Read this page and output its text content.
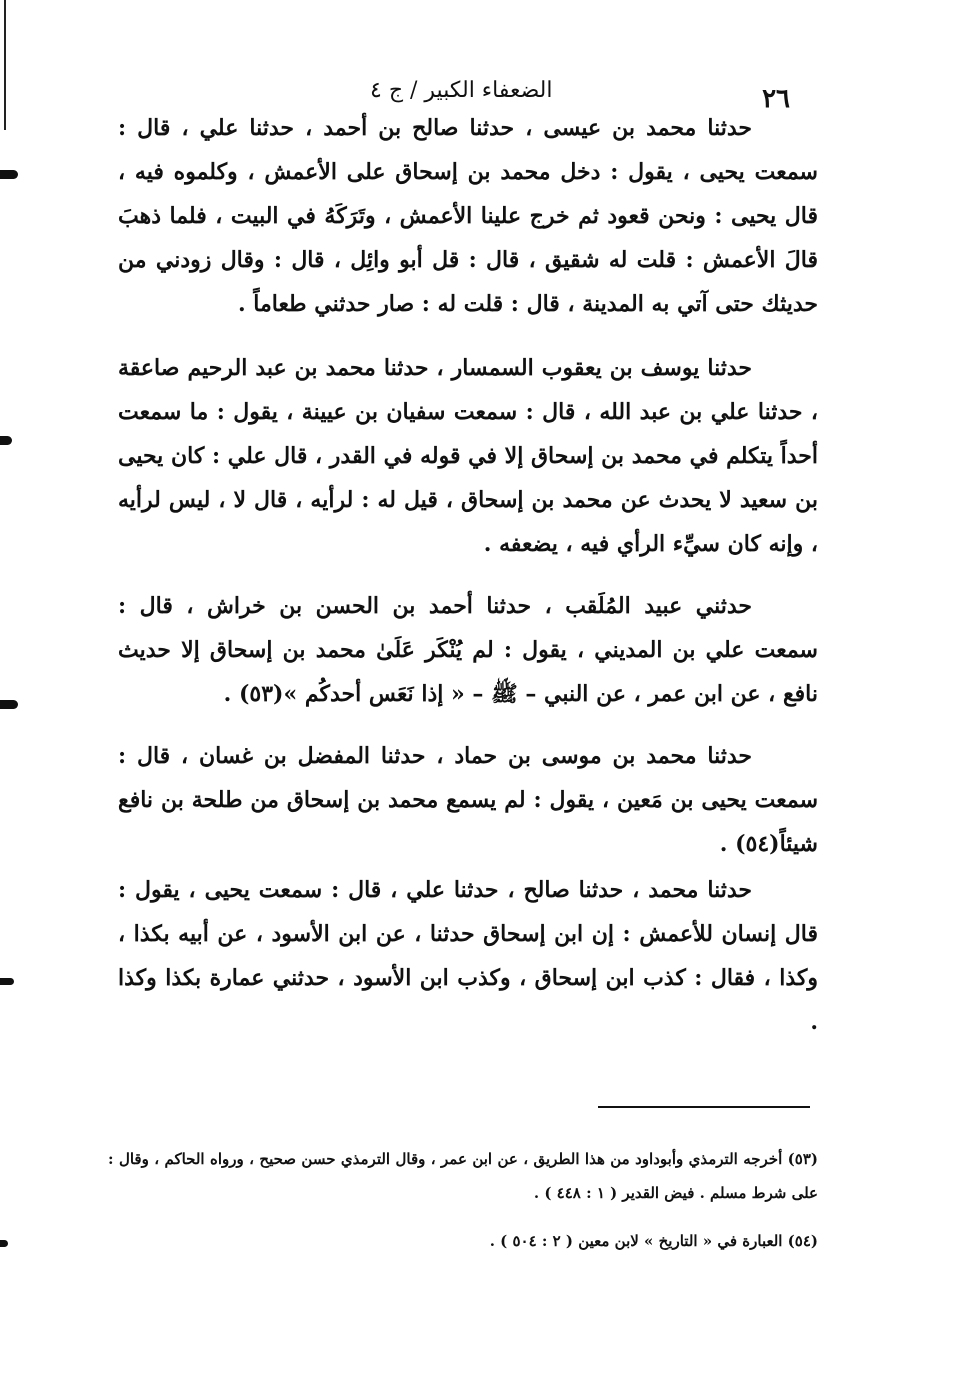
٢٦
الضعفاء الكبير / ج ٤

حدثنا محمد بن عيسى ، حدثنا صالح بن أحمد ، حدثنا علي ، قال : سمعت يحيى ، يقول : دخل محمد بن إسحاق على الأعمش ، وكلموه فيه ، قال يحيى : ونحن قعود ثم خرج علينا الأعمش ، وتَرَكَهُ في البيت ، فلما ذهبَ قالَ الأعمش : قلت له شقيق ، قال : قل أبو وائِل ، قال : وقال زودني من حديثك حتى آتي به المدينة ، قال : قلت له : صار حدثني طعاماً .

حدثنا يوسف بن يعقوب السمسار ، حدثنا محمد بن عبد الرحيم صاعقة ، حدثنا علي بن عبد الله ، قال : سمعت سفيان بن عيينة ، يقول : ما سمعت أحداً يتكلم في محمد بن إسحاق إلا في قوله في القدر ، قال علي : كان يحيى بن سعيد لا يحدث عن محمد بن إسحاق ، قيل له : لرأيه ، قال لا ، ليس لرأيه ، وإنه كان سيِّء الرأي فيه ، يضعفه .

حدثني عبيد المُلَقب ، حدثنا أحمد بن الحسن بن خراش ، قال : سمعت علي بن المديني ، يقول : لم يُنْكَر عَلَىٰ محمد بن إسحاق إلا حديث نافع ، عن ابن عمر ، عن النبي – ﷺ – « إذا نَعَس أحدكُم »(٥٣) .

حدثنا محمد بن موسى بن حماد ، حدثنا المفضل بن غسان ، قال : سمعت يحيى بن مَعين ، يقول : لم يسمع محمد بن إسحاق من طلحة بن نافع شيئاً(٥٤) .

حدثنا محمد ، حدثنا صالح ، حدثنا علي ، قال : سمعت يحيى ، يقول : قال إنسان للأعمش : إن ابن إسحاق حدثنا ، عن ابن الأسود ، عن أبيه بكذا ، وكذا ، فقال : كذب ابن إسحاق ، وكذب ابن الأسود ، حدثني عمارة بكذا وكذا .

(٥٣) أخرجه الترمذي وأبوداود من هذا الطريق ، عن ابن عمر ، وقال الترمذي حسن صحيح ، ورواه الحاكم ، وقال : على شرط مسلم . فيض القدير ( ١ : ٤٤٨ ) .

(٥٤) العبارة في « التاريخ » لابن معين ( ٢ : ٥٠٤ ) .
